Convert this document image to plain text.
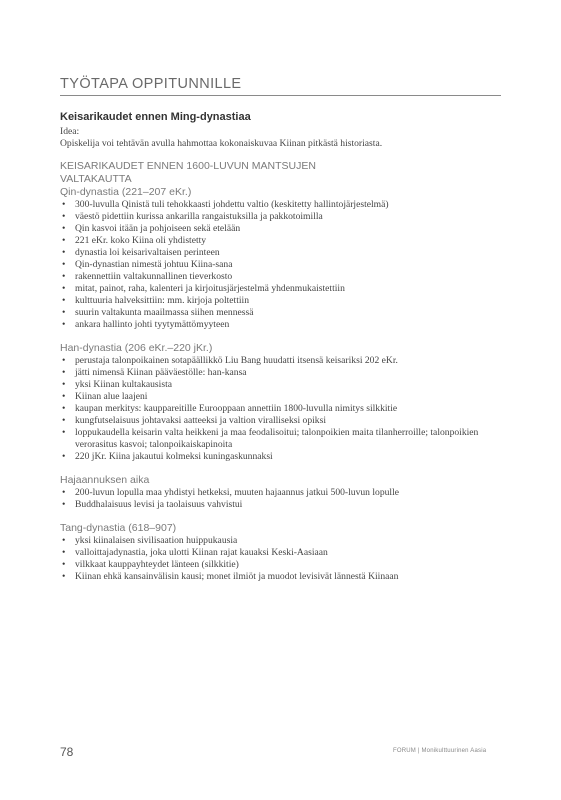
TYÖTAPA OPPITUNNILLE
Keisarikaudet ennen Ming-dynastiaa
Idea:
Opiskelija voi tehtävän avulla hahmottaa kokonaiskuvaa Kiinan pitkästä historiasta.
KEISARIKAUDET ENNEN 1600-LUVUN MANTSUJEN VALTAKAUTTA
Qin-dynastia (221–207 eKr.)
• 300-luvulla Qinistä tuli tehokkaasti johdettu valtio (keskitetty hallintojärjestelmä)
• väestö pidettiin kurissa ankarilla rangaistuksilla ja pakkotoimilla
• Qin kasvoi itään ja pohjoiseen sekä etelään
• 221 eKr. koko Kiina oli yhdistetty
• dynastia loi keisarivaltaisen perinteen
• Qin-dynastian nimestä johtuu Kiina-sana
• rakennettiin valtakunnallinen tieverkosto
• mitat, painot, raha, kalenteri ja kirjoitusjärjestelmä yhdenmukaistettiin
• kulttuuria halveksittiin: mm. kirjoja poltettiin
• suurin valtakunta maailmassa siihen mennessä
• ankara hallinto johti tyytymättömyyteen
Han-dynastia (206 eKr.–220 jKr.)
• perustaja talonpoikainen sotapäällikkö Liu Bang huudatti itsensä keisariksi 202 eKr.
• jätti nimensä Kiinan pääväestölle: han-kansa
• yksi Kiinan kultakausista
• Kiinan alue laajeni
• kaupan merkitys: kauppareitille Eurooppaan annettiin 1800-luvulla nimitys silkkitie
• kungfutselaisuus johtavaksi aatteeksi ja valtion viralliseksi opiksi
• loppukaudella keisarin valta heikkeni ja maa feodalisoitui; talonpoikien maita tilanherroille; talonpoikien verorasitus kasvoi; talonpoikaiskapinoita
• 220 jKr. Kiina jakautui kolmeksi kuningaskunnaksi
Hajaannuksen aika
• 200-luvun lopulla maa yhdistyi hetkeksi, muuten hajaannus jatkui 500-luvun lopulle
• Buddhalaisuus levisi ja taolaisuus vahvistui
Tang-dynastia (618–907)
• yksi kiinalaisen sivilisaation huippukausia
• valloittajadynastia, joka ulotti Kiinan rajat kauaksi Keski-Aasiaan
• vilkkaat kauppayhteydet länteen (silkkitie)
• Kiinan ehkä kansainvälisin kausi; monet ilmiöt ja muodot levisivät lännestä Kiinaan
78	FORUM | Monikulttuurinen Aasia
